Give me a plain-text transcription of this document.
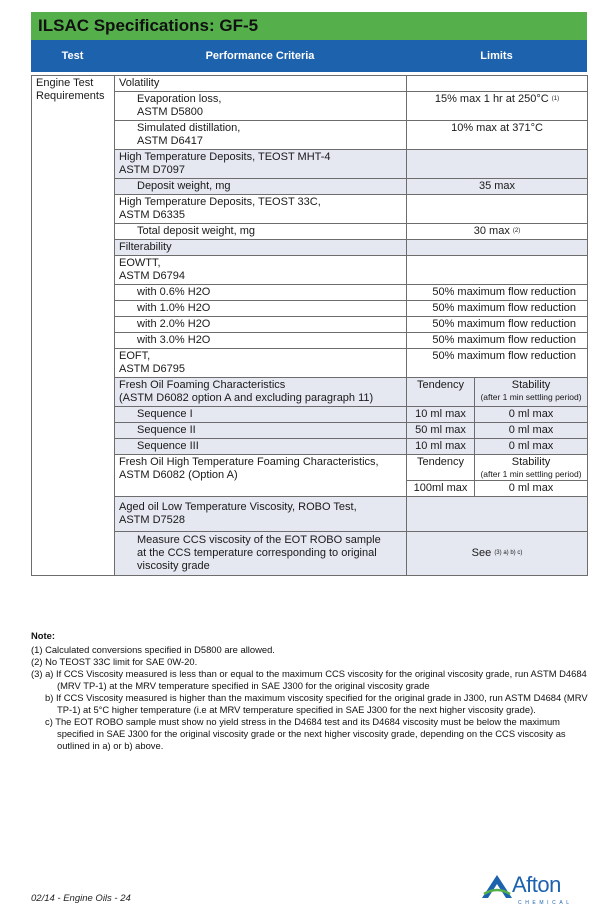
ILSAC Specifications: GF-5
Test	Performance Criteria	Limits
Engine Test Requirements	Volatility		
	Evaporation loss,
ASTM D5800	15% max 1 hr at 250°C $^{(1)}$
	Simulated distillation,
ASTM D6417	10% max at 371°C	
	High Temperature Deposits, TEOST MHT-4
ASTM D7097		
	Deposit weight, mg	35 max	
	High Temperature Deposits, TEOST 33C,
ASTM D6335		
	Total deposit weight, mg	30 max $^{(2)}$
	Filterability		
	EOWTT,
ASTM D6794		
	with 0.6% H2O	50% maximum flow reduction	
	with 1.0% H2O	50% maximum flow reduction	
	with 2.0% H2O	50% maximum flow reduction	
	with 3.0% H2O	50% maximum flow reduction	
	EOFT,
ASTM D6795	50% maximum flow reduction	
	Fresh Oil Foaming Characteristics
(ASTM D6082 option A and excluding paragraph 11)	Tendency	Stability
(after 1 min settling period)

	Sequence I	10 ml max	0 ml max
	Sequence II	50 ml max	0 ml max
	Sequence III	10 ml max	0 ml max
	Fresh Oil High Temperature Foaming Characteristics,
ASTM D6082 (Option A)	Tendency	Stability
(after 1 min settling period)

		100ml max	0 ml max
	Aged oil Low Temperature Viscosity, ROBO Test,
ASTM D7528		
	Measure CCS viscosity of the EOT ROBO sample
at the CCS temperature corresponding to original
viscosity grade	See $^{(3) a) b) c)}$

Note:

(1) Calculated conversions specified in D5800 are allowed.

(2) No TEOST 33C limit for SAE 0W-20.

(3) a) If CCS Viscosity measured is less than or equal to the maximum CCS viscosity for the original viscosity grade, run ASTM D4684 (MRV TP-1) at the MRV temperature specified in SAE J300 for the original viscosity grade

b) If CCS Viscosity measured is higher than the maximum viscosity specified for the original grade in J300, run ASTM D4684 (MRV TP-1) at 5°C higher temperature (i.e at MRV temperature specified in SAE J300 for the next higher viscosity grade).

c) The EOT ROBO sample must show no yield stress in the D4684 test and its D4684 viscosity must be below the maximum specified in SAE J300 for the original viscosity grade or the next higher viscosity grade, depending on the CCS viscosity as outlined in a) or b) above.

02/14 - Engine Oils - 24
Afton
CHEMICAL
